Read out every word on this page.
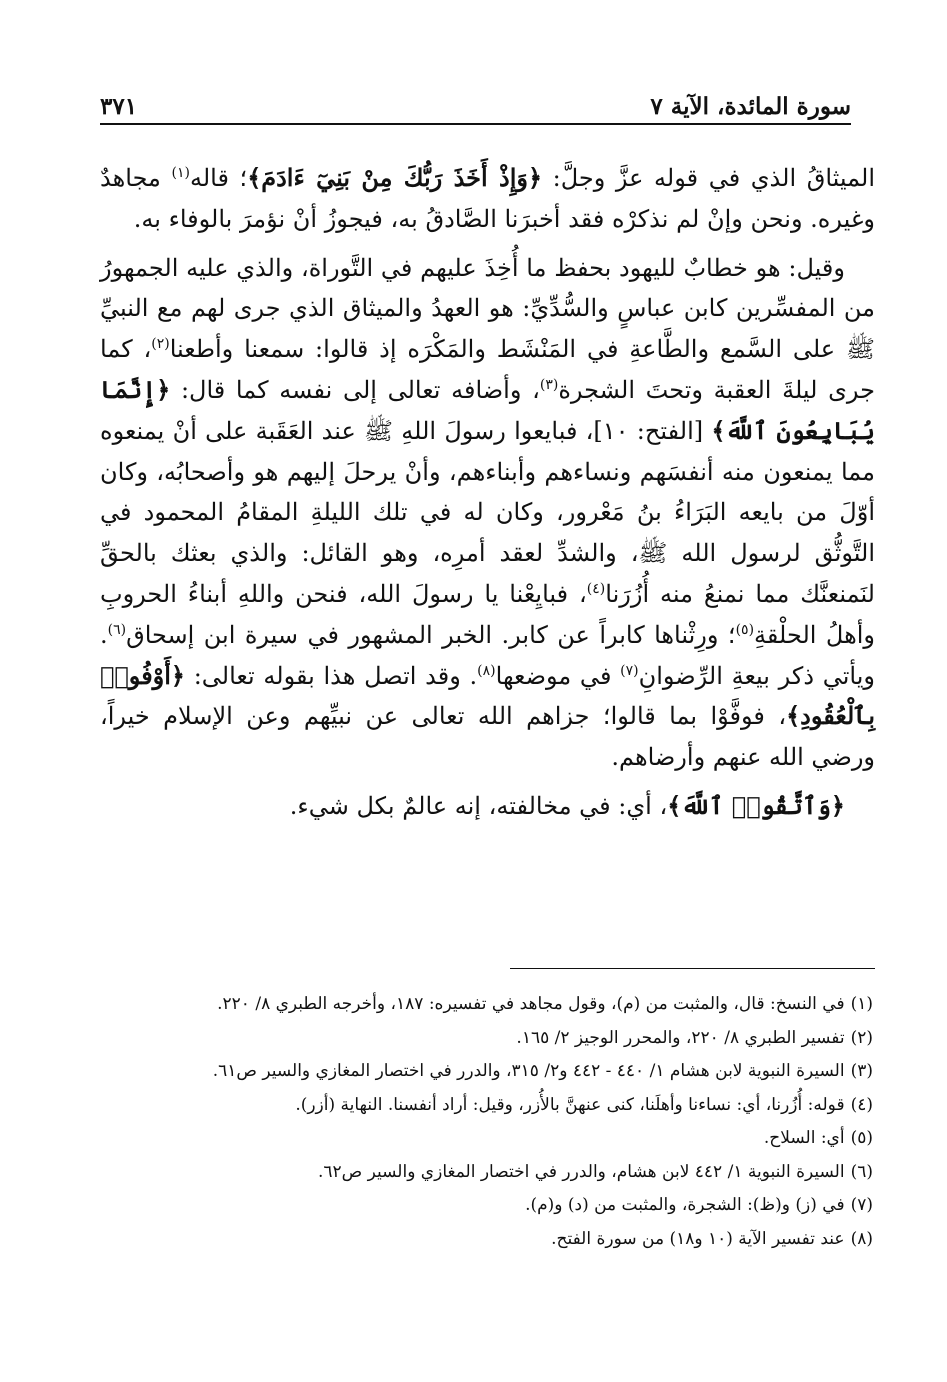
سورة المائدة، الآية ٧
٣٧١

الميثاقُ الذي في قوله عزَّ وجلَّ: ﴿وَإِذْ أَخَذَ رَبُّكَ مِنْ بَنِيٓ ءَادَمَ﴾؛ قاله$^{(١)}$ مجاهدٌ وغيره. ونحن وإنْ لم نذكرْه فقد أخبرَنا الصَّادقُ به، فيجوزُ أنْ نؤمرَ بالوفاء به.

وقيل: هو خطابٌ لليهود بحفظ ما أُخِذَ عليهم في التَّوراة، والذي عليه الجمهورُ من المفسِّرين كابن عباسٍ والسُّدِّيِّ: هو العهدُ والميثاق الذي جرى لهم مع النبيِّ ﷺ على السَّمع والطَّاعةِ في المَنْشَط والمَكْرَه إذ قالوا: سمعنا وأطعنا$^{(٢)}$، كما جرى ليلةَ العقبة وتحتَ الشجرة$^{(٣)}$، وأضافه تعالى إلى نفسه كما قال: ﴿إِنَّمَا يُبَايِعُونَ ٱللَّهَ﴾ [الفتح: ١٠]، فبايعوا رسولَ اللهِ ﷺ عند العَقَبة على أنْ يمنعوه مما يمنعون منه أنفسَهم ونساءهم وأبناءهم، وأنْ يرحلَ إليهم هو وأصحابُه، وكان أوّلَ من بايعه البَرَاءُ بنُ مَعْرور، وكان له في تلك الليلةِ المقامُ المحمود في التَّوثُّق لرسول الله ﷺ، والشدِّ لعقد أمرِه، وهو القائل: والذي بعثك بالحقِّ لنَمنعنَّك مما نمنعُ منه أُزُرَنا$^{(٤)}$، فبايِعْنا يا رسولَ الله، فنحن واللهِ أبناءُ الحروبِ وأهلُ الحلْقةِ$^{(٥)}$؛ ورِثْناها كابراً عن كابر. الخبر المشهور في سيرة ابن إسحاق$^{(٦)}$. ويأتي ذكر بيعةِ الرِّضوانِ$^{(٧)}$ في موضعها$^{(٨)}$. وقد اتصل هذا بقوله تعالى: ﴿أَوْفُوا۟ بِٱلْعُقُودِ﴾، فوفَّوْا بما قالوا؛ جزاهم الله تعالى عن نبيِّهم وعن الإسلام خيراً، ورضي الله عنهم وأرضاهم.

﴿وَٱتَّقُوا۟ ٱللَّهَ﴾، أي: في مخالفته، إنه عالمٌ بكل شيء.

(١)في النسخ: قال، والمثبت من (م)، وقول مجاهد في تفسيره: ١٨٧، وأخرجه الطبري ٨/ ٢٢٠.

(٢)تفسير الطبري ٨/ ٢٢٠، والمحرر الوجيز ٢/ ١٦٥.

(٣)السيرة النبوية لابن هشام ١/ ٤٤٠ - ٤٤٢ و٢/ ٣١٥، والدرر في اختصار المغازي والسير ص٦١.

(٤)قوله: أُزُرنا، أي: نساءنا وأهلَنا، كنى عنهنَّ بالأُزر، وقيل: أراد أنفسنا. النهاية (أزر).

(٥)أي: السلاح.

(٦)السيرة النبوية ١/ ٤٤٢ لابن هشام، والدرر في اختصار المغازي والسير ص٦٢.

(٧)في (ز) و(ظ): الشجرة، والمثبت من (د) و(م).

(٨)عند تفسير الآية (١٠ و١٨) من سورة الفتح.
